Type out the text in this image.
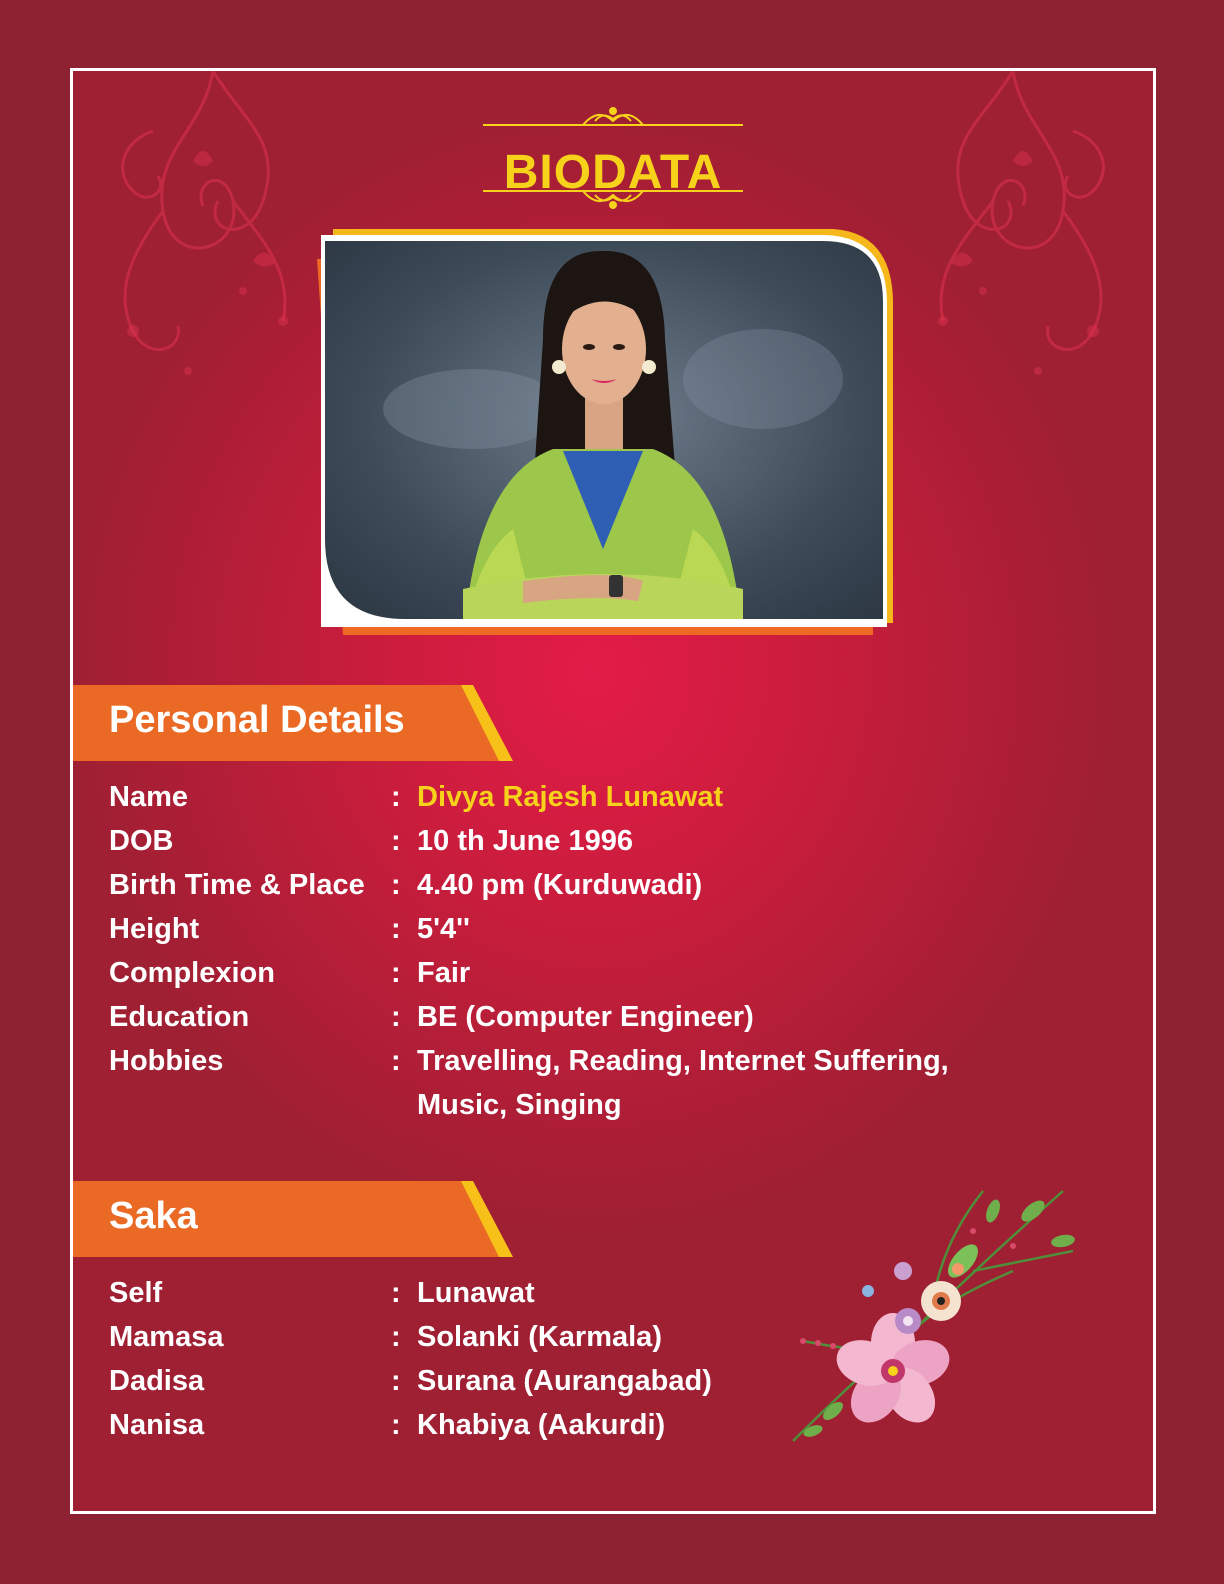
BIODATA
Personal Details
Name	: Divya Rajesh Lunawat
DOB	: 10 th June 1996
Birth Time & Place : 4.40 pm (Kurduwadi)
Height	: 5'4''
Complexion	: Fair
Education	: BE (Computer Engineer)
Hobbies	: Travelling, Reading, Internet Suffering, Music, Singing
Saka
Self	: Lunawat
Mamasa	: Solanki (Karmala)
Dadisa	: Surana (Aurangabad)
Nanisa	: Khabiya (Aakurdi)
